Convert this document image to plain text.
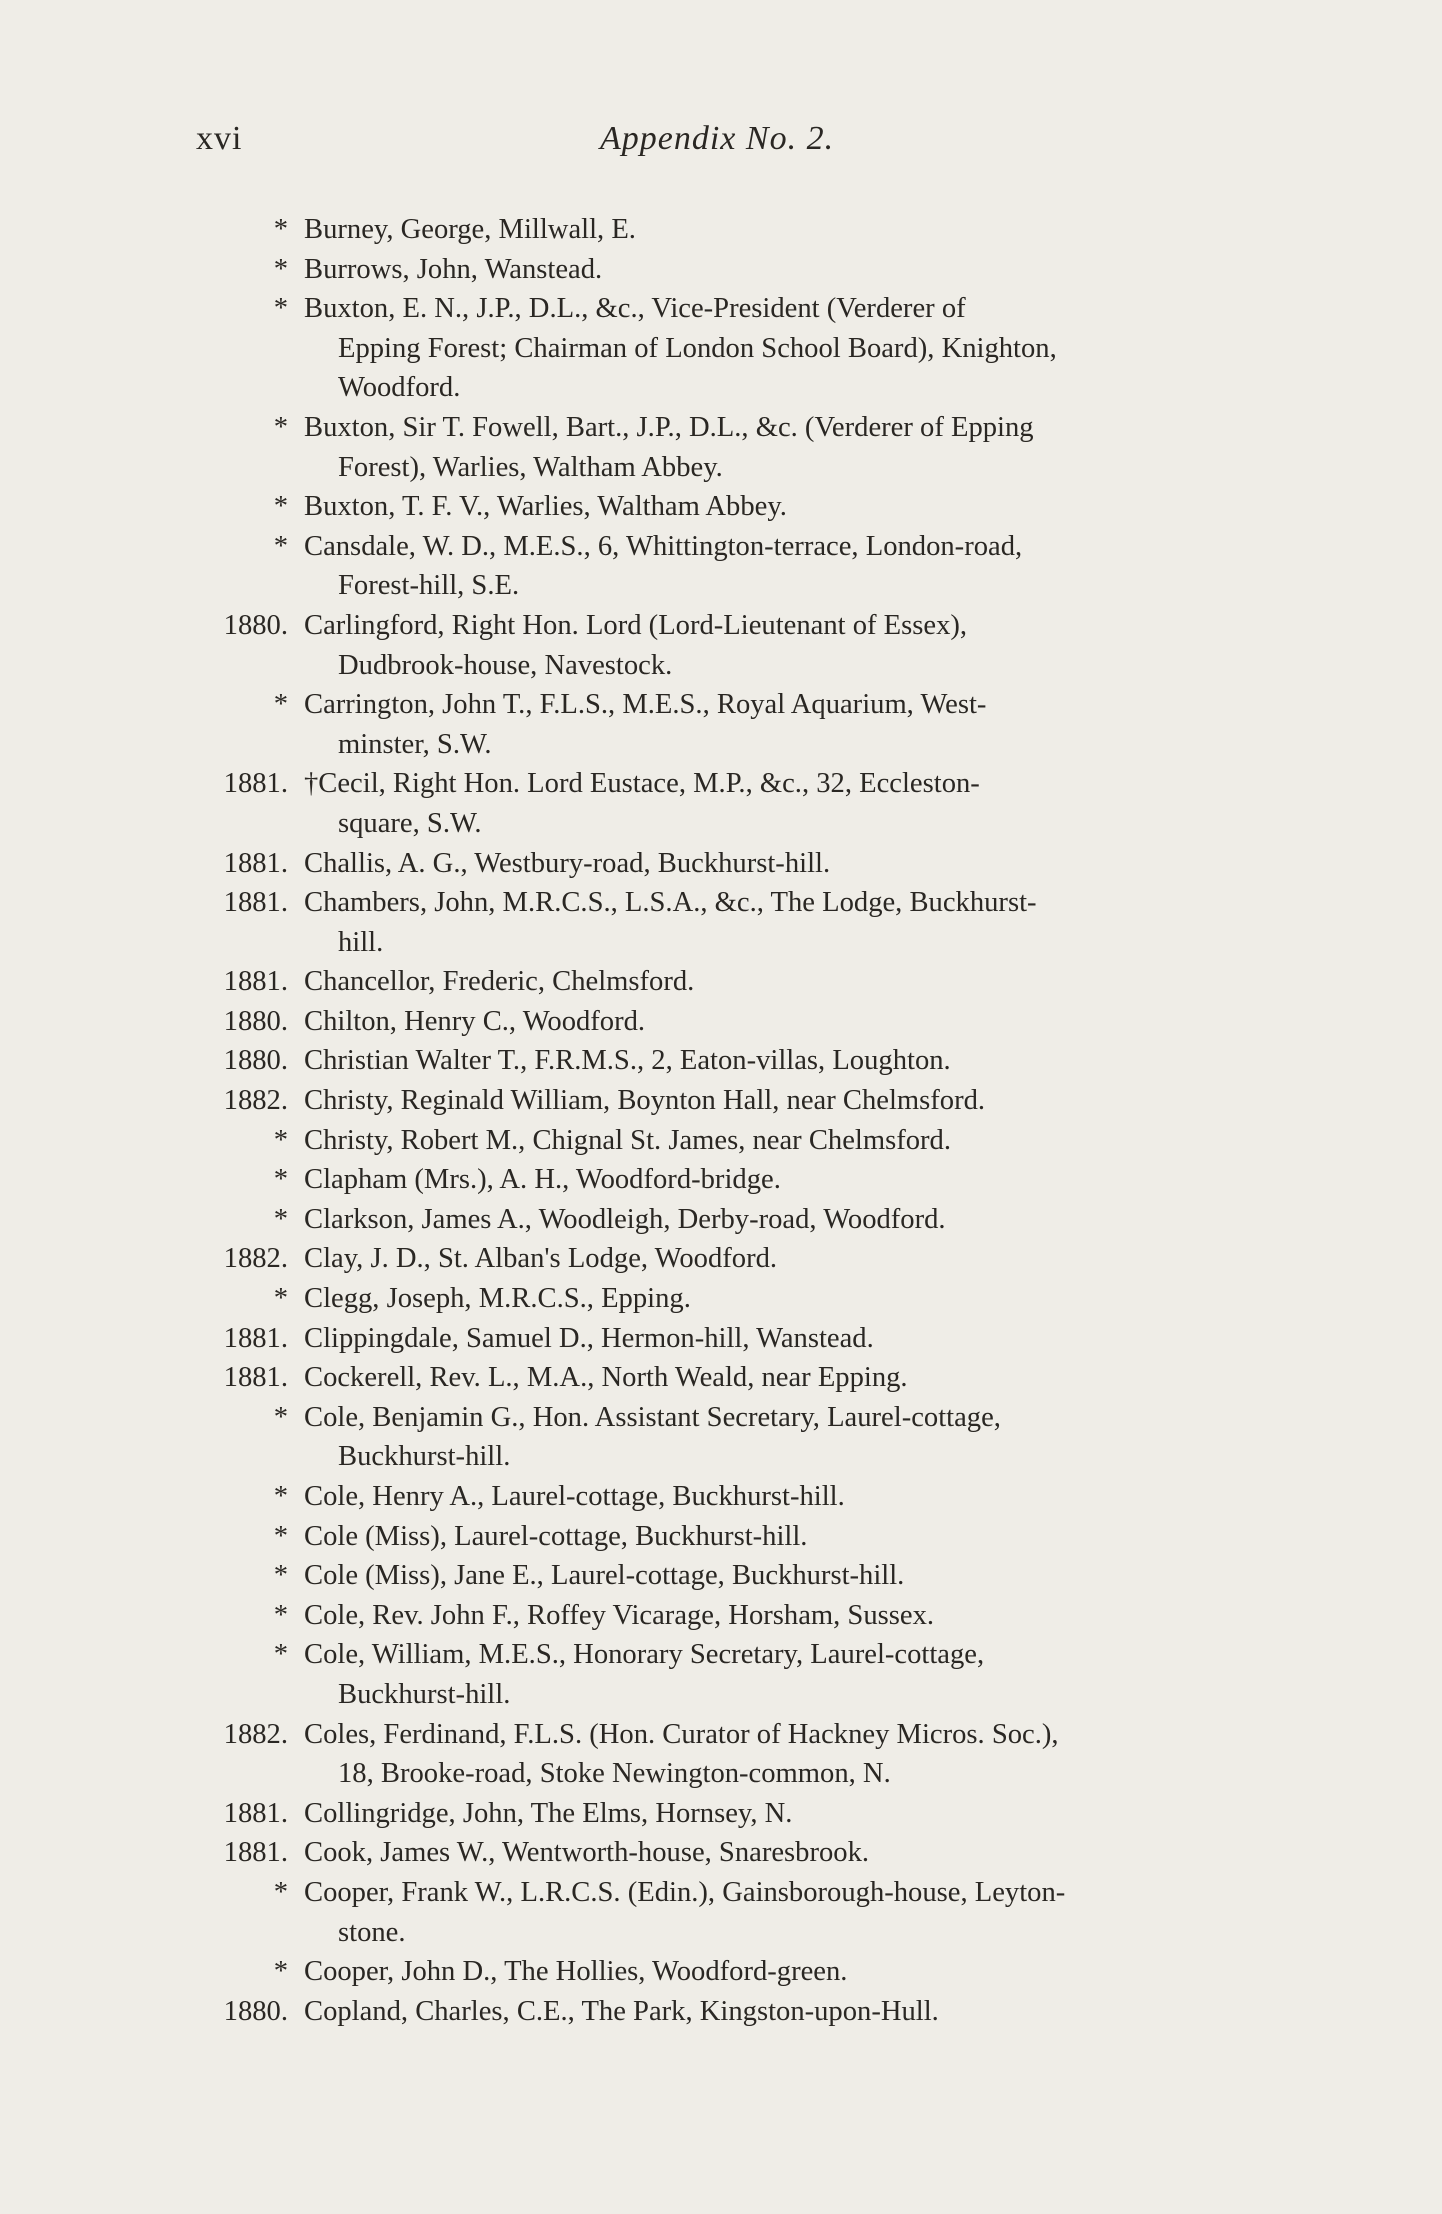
xvi	Appendix No. 2.
* Burney, George, Millwall, E.
* Burrows, John, Wanstead.
* Buxton, E. N., J.P., D.L., &c., Vice-President (Verderer of
Epping Forest; Chairman of London School Board), Knighton,
Woodford.
* Buxton, Sir T. Fowell, Bart., J.P., D.L., &c. (Verderer of Epping
Forest), Warlies, Waltham Abbey.
* Buxton, T. F. V., Warlies, Waltham Abbey.
* Cansdale, W. D., M.E.S., 6, Whittington-terrace, London-road,
Forest-hill, S.E.
1880. Carlingford, Right Hon. Lord (Lord-Lieutenant of Essex),
Dudbrook-house, Navestock.
* Carrington, John T., F.L.S., M.E.S., Royal Aquarium, West-
minster, S.W.
1881. †Cecil, Right Hon. Lord Eustace, M.P., &c., 32, Eccleston-
square, S.W.
1881. Challis, A. G., Westbury-road, Buckhurst-hill.
1881. Chambers, John, M.R.C.S., L.S.A., &c., The Lodge, Buckhurst-
hill.
1881. Chancellor, Frederic, Chelmsford.
1880. Chilton, Henry C., Woodford.
1880. Christian Walter T., F.R.M.S., 2, Eaton-villas, Loughton.
1882. Christy, Reginald William, Boynton Hall, near Chelmsford.
* Christy, Robert M., Chignal St. James, near Chelmsford.
* Clapham (Mrs.), A. H., Woodford-bridge.
* Clarkson, James A., Woodleigh, Derby-road, Woodford.
1882. Clay, J. D., St. Alban's Lodge, Woodford.
* Clegg, Joseph, M.R.C.S., Epping.
1881. Clippingdale, Samuel D., Hermon-hill, Wanstead.
1881. Cockerell, Rev. L., M.A., North Weald, near Epping.
* Cole, Benjamin G., Hon. Assistant Secretary, Laurel-cottage,
Buckhurst-hill.
* Cole, Henry A., Laurel-cottage, Buckhurst-hill.
* Cole (Miss), Laurel-cottage, Buckhurst-hill.
* Cole (Miss), Jane E., Laurel-cottage, Buckhurst-hill.
* Cole, Rev. John F., Roffey Vicarage, Horsham, Sussex.
* Cole, William, M.E.S., Honorary Secretary, Laurel-cottage,
Buckhurst-hill.
1882. Coles, Ferdinand, F.L.S. (Hon. Curator of Hackney Micros. Soc.),
18, Brooke-road, Stoke Newington-common, N.
1881. Collingridge, John, The Elms, Hornsey, N.
1881. Cook, James W., Wentworth-house, Snaresbrook.
* Cooper, Frank W., L.R.C.S. (Edin.), Gainsborough-house, Leyton-
stone.
* Cooper, John D., The Hollies, Woodford-green.
1880. Copland, Charles, C.E., The Park, Kingston-upon-Hull.
